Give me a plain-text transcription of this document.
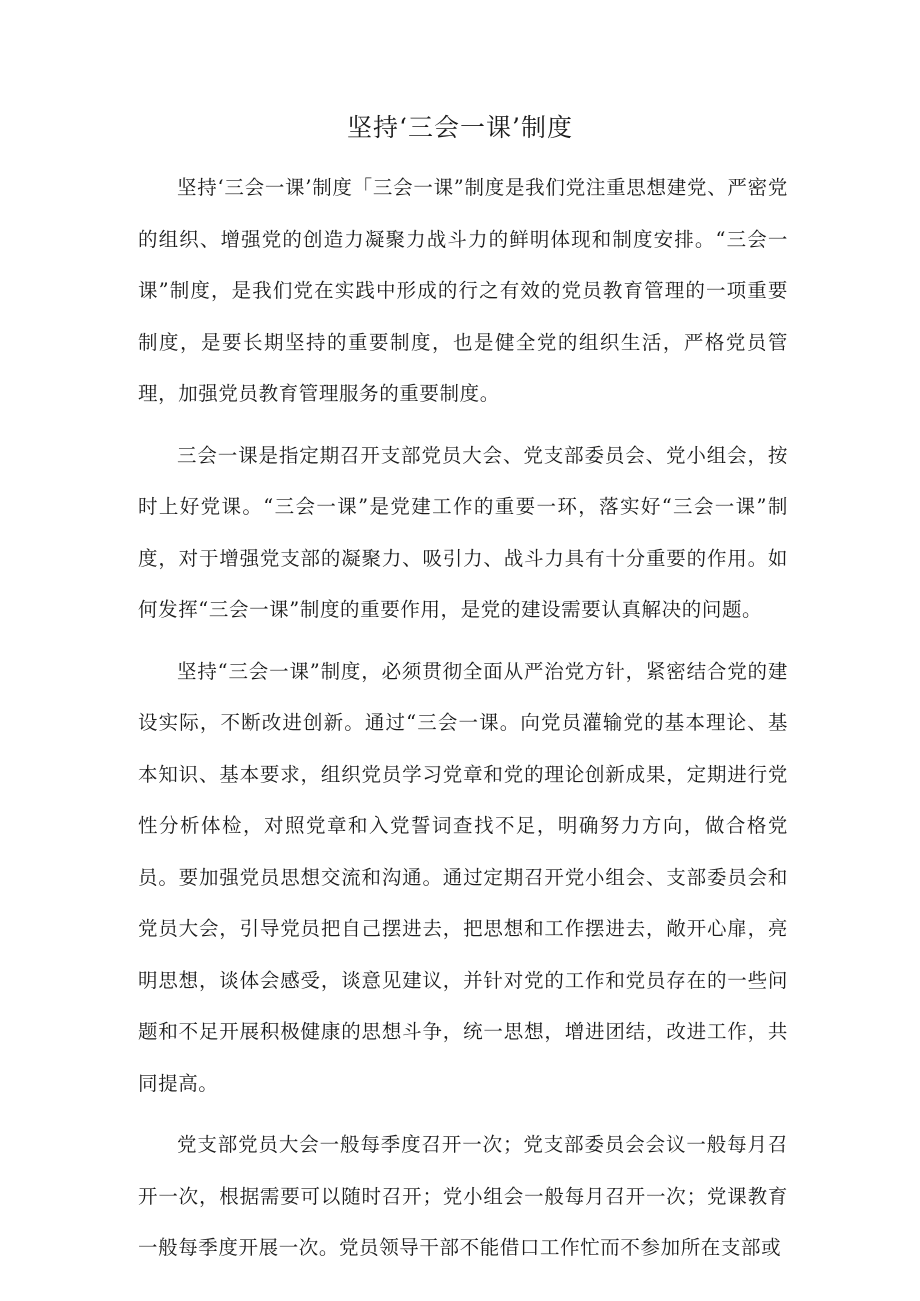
坚持‘三会一课’制度

坚持‘三会一课’制度「三会一课”制度是我们党注重思想建党、严密党的组织、增强党的创造力凝聚力战斗力的鲜明体现和制度安排。“三会一课”制度，是我们党在实践中形成的行之有效的党员教育管理的一项重要制度，是要长期坚持的重要制度，也是健全党的组织生活，严格党员管理，加强党员教育管理服务的重要制度。

三会一课是指定期召开支部党员大会、党支部委员会、党小组会，按时上好党课。“三会一课”是党建工作的重要一环，落实好“三会一课”制度，对于增强党支部的凝聚力、吸引力、战斗力具有十分重要的作用。如何发挥“三会一课”制度的重要作用，是党的建设需要认真解决的问题。

坚持“三会一课”制度，必须贯彻全面从严治党方针，紧密结合党的建设实际，不断改进创新。通过“三会一课。向党员灌输党的基本理论、基本知识、基本要求，组织党员学习党章和党的理论创新成果，定期进行党性分析体检，对照党章和入党誓词查找不足，明确努力方向，做合格党员。要加强党员思想交流和沟通。通过定期召开党小组会、支部委员会和党员大会，引导党员把自己摆进去，把思想和工作摆进去，敞开心扉，亮明思想，谈体会感受，谈意见建议，并针对党的工作和党员存在的一些问题和不足开展积极健康的思想斗争，统一思想，增进团结，改进工作，共同提高。

党支部党员大会一般每季度召开一次；党支部委员会会议一般每月召开一次，根据需要可以随时召开；党小组会一般每月召开一次；党课教育一般每季度开展一次。党员领导干部不能借口工作忙而不参加所在支部或
